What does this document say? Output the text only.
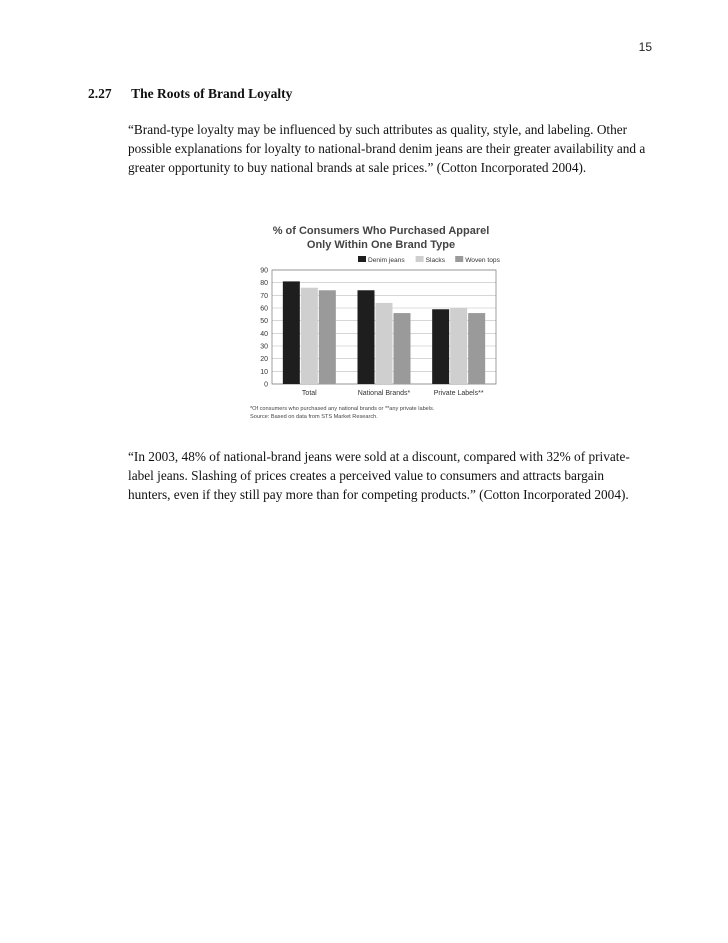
15
2.27 The Roots of Brand Loyalty

“Brand-type loyalty may be influenced by such attributes as quality, style, and labeling. Other possible explanations for loyalty to national-brand denim jeans are their greater availability and a greater opportunity to buy national brands at sale prices.” (Cotton Incorporated 2004).

% of Consumers Who Purchased Apparel
Only Within One Brand Type
Denim jeans	Slacks	Woven tops
0
10
20
30
40
50
60
70
80
90
Total	National Brands*	Private Labels**
*Of consumers who purchased any national brands or **any private labels.
Source: Based on data from STS Market Research.

“In 2003, 48% of national-brand jeans were sold at a discount, compared with 32% of private-label jeans. Slashing of prices creates a perceived value to consumers and attracts bargain hunters, even if they still pay more than for competing products.” (Cotton Incorporated 2004).
